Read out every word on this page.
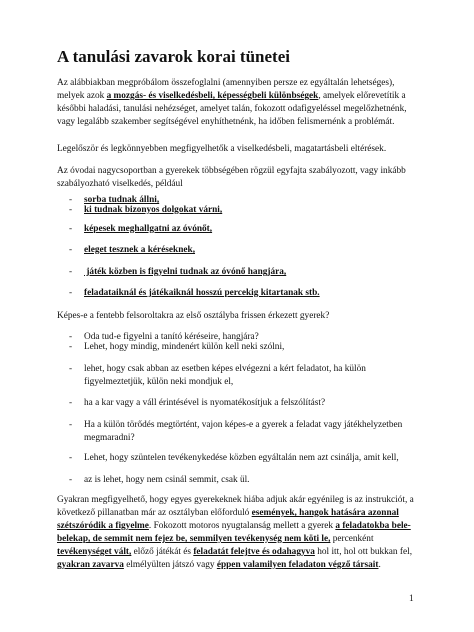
A tanulási zavarok korai tünetei

Az alábbiakban megpróbálom összefoglalni (amennyiben persze ez egyáltalán lehetséges), melyek azok a mozgás- és viselkedésbeli, képességbeli különbségek, amelyek előrevetítik a későbbi haladási, tanulási nehézséget, amelyet talán, fokozott odafigyeléssel megelőzhetnénk, vagy legalább szakember segítségével enyhíthetnénk, ha időben felismernénk a problémát.

Legelőször és legkönnyebben megfigyelhetők a viselkedésbeli, magatartásbeli eltérések.

Az óvodai nagycsoportban a gyerekek többségében rögzül egyfajta szabályozott, vagy inkább szabályozható viselkedés, például

- sorba tudnak állni,
- ki tudnak bizonyos dolgokat várni,
- képesek meghallgatni az óvónőt,
- eleget tesznek a kéréseknek,
- játék közben is figyelni tudnak az óvónő hangjára,
- feladataiknál és játékaiknál hosszú percekig kitartanak stb.

Képes-e a fentebb felsoroltakra az első osztályba frissen érkezett gyerek?

- Oda tud-e figyelni a tanító kéréseire, hangjára?
- Lehet, hogy mindig, mindenért külön kell neki szólni,
- lehet, hogy csak abban az esetben képes elvégezni a kért feladatot, ha külön figyelmeztetjük, külön neki mondjuk el,
- ha a kar vagy a váll érintésével is nyomatékosítjuk a felszólítást?
- Ha a külön törődés megtörtént, vajon képes-e a gyerek a feladat vagy játékhelyzetben megmaradni?
- Lehet, hogy szüntelen tevékenykedése közben egyáltalán nem azt csinálja, amit kell,
- az is lehet, hogy nem csinál semmit, csak ül.

Gyakran megfigyelhető, hogy egyes gyerekeknek hiába adjuk akár egyénileg is az instrukciót, a következő pillanatban már az osztályban előforduló események, hangok hatására azonnal szétszóródik a figyelme. Fokozott motoros nyugtalanság mellett a gyerek a feladatokba bele-belekap, de semmit nem fejez be, semmilyen tevékenység nem köti le, percenként tevékenységet vált, előző játékát és feladatát felejtve és odahagyva hol itt, hol ott bukkan fel, gyakran zavarva elmélyülten játszó vagy éppen valamilyen feladaton végző társait.

1
